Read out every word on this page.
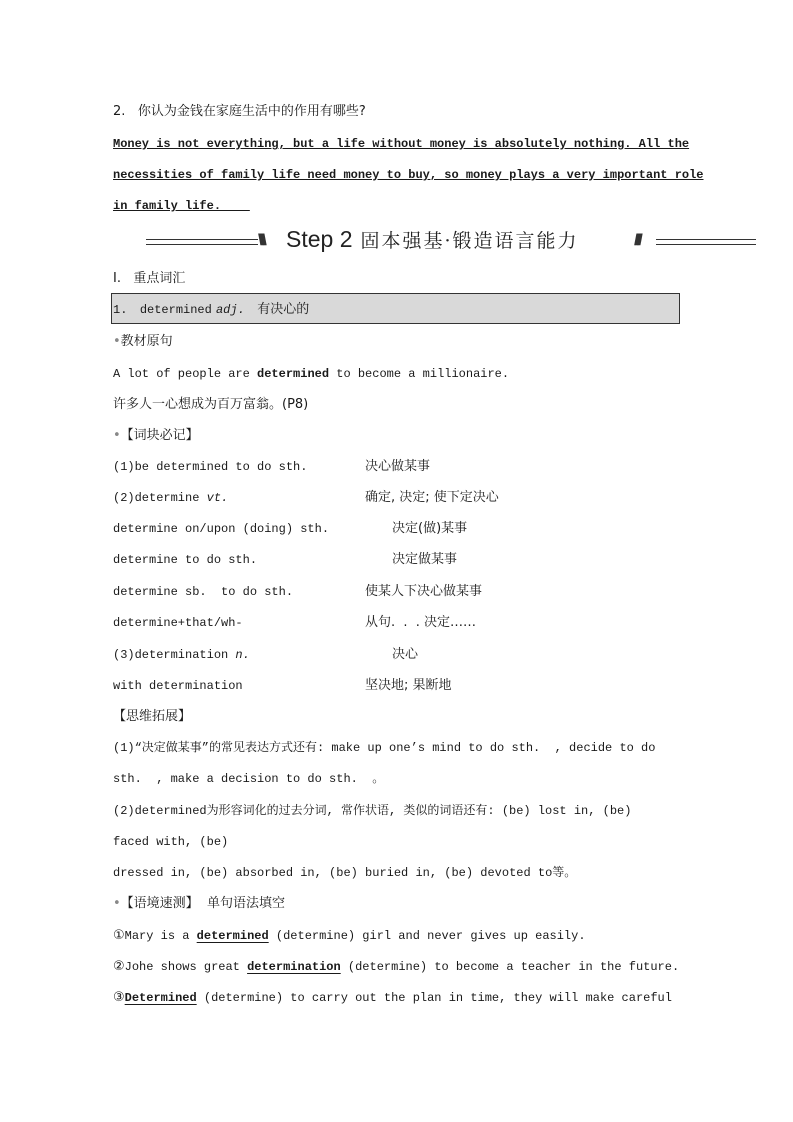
2. 你认为金钱在家庭生活中的作用有哪些?
Money is not everything, but a life without money is absolutely nothing. All the
necessities of family life need money to buy, so money plays a very important role
in family life.
\\\\ Step 2 固本强基·锻造语言能力	////
Ⅰ. 重点词汇
1. determined adj. 有决心的
•教材原句
A lot of people are determined to become a millionaire.
许多人一心想成为百万富翁。(P8)
•【词块必记】
(1)be determined to do sth.	决心做某事
(2)determine vt.	确定, 决定; 使下定决心
determine on/upon (doing) sth.	决定(做)某事
determine to do sth.	决定做某事
determine sb.  to do sth.	使某人下决心做某事
determine+that/wh-	从句.  .  . 决定……
(3)determination n.	决心
with determination	坚决地; 果断地
【思维拓展】
(1)“决定做某事”的常见表达方式还有: make up one’s mind to do sth.  , decide to do
sth.  , make a decision to do sth.  。
(2)determined为形容词化的过去分词, 常作状语, 类似的词语还有: (be) lost in, (be)
faced with, (be)
dressed in, (be) absorbed in, (be) buried in, (be) devoted to等。
•【语境速测】 单句语法填空
①Mary is a determined (determine) girl and never gives up easily.
②Johe shows great determination (determine) to become a teacher in the future.
③Determined (determine) to carry out the plan in time, they will make careful
